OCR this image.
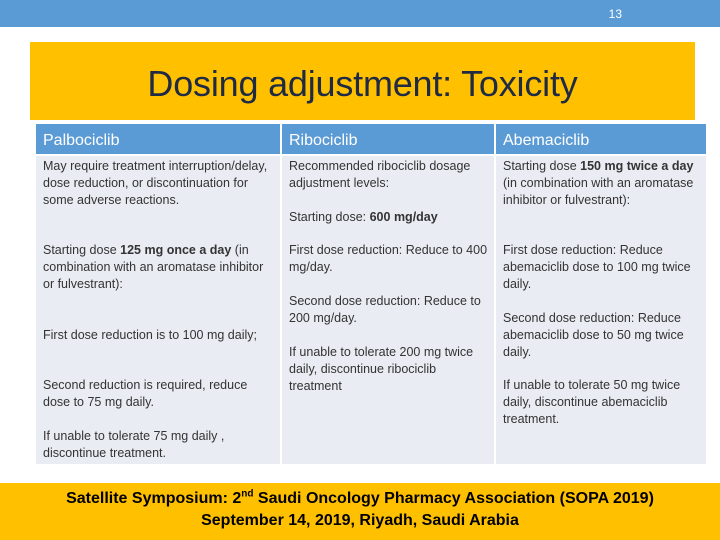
13
Dosing adjustment: Toxicity
Palbociclib	Ribociclib	Abemaciclib
May require treatment interruption/delay, dose reduction, or discontinuation for some adverse reactions.
Starting dose 125 mg once a day (in combination with an aromatase inhibitor or fulvestrant):
First dose reduction is to 100 mg daily;
Second reduction is required, reduce dose to 75 mg daily.
If unable to tolerate 75 mg daily , discontinue treatment.
Recommended ribociclib dosage adjustment levels:
Starting dose: 600 mg/day
First dose reduction: Reduce to 400 mg/day.
Second dose reduction: Reduce to 200 mg/day.
If unable to tolerate 200 mg twice daily, discontinue ribociclib treatment
Starting dose 150 mg twice a day (in combination with an aromatase inhibitor or fulvestrant):
First dose reduction: Reduce abemaciclib dose to 100 mg twice daily.
Second dose reduction: Reduce abemaciclib dose to 50 mg twice daily.
If unable to tolerate 50 mg twice daily, discontinue abemaciclib treatment.
Satellite Symposium: 2nd Saudi Oncology Pharmacy Association (SOPA 2019)
September 14, 2019, Riyadh, Saudi Arabia
